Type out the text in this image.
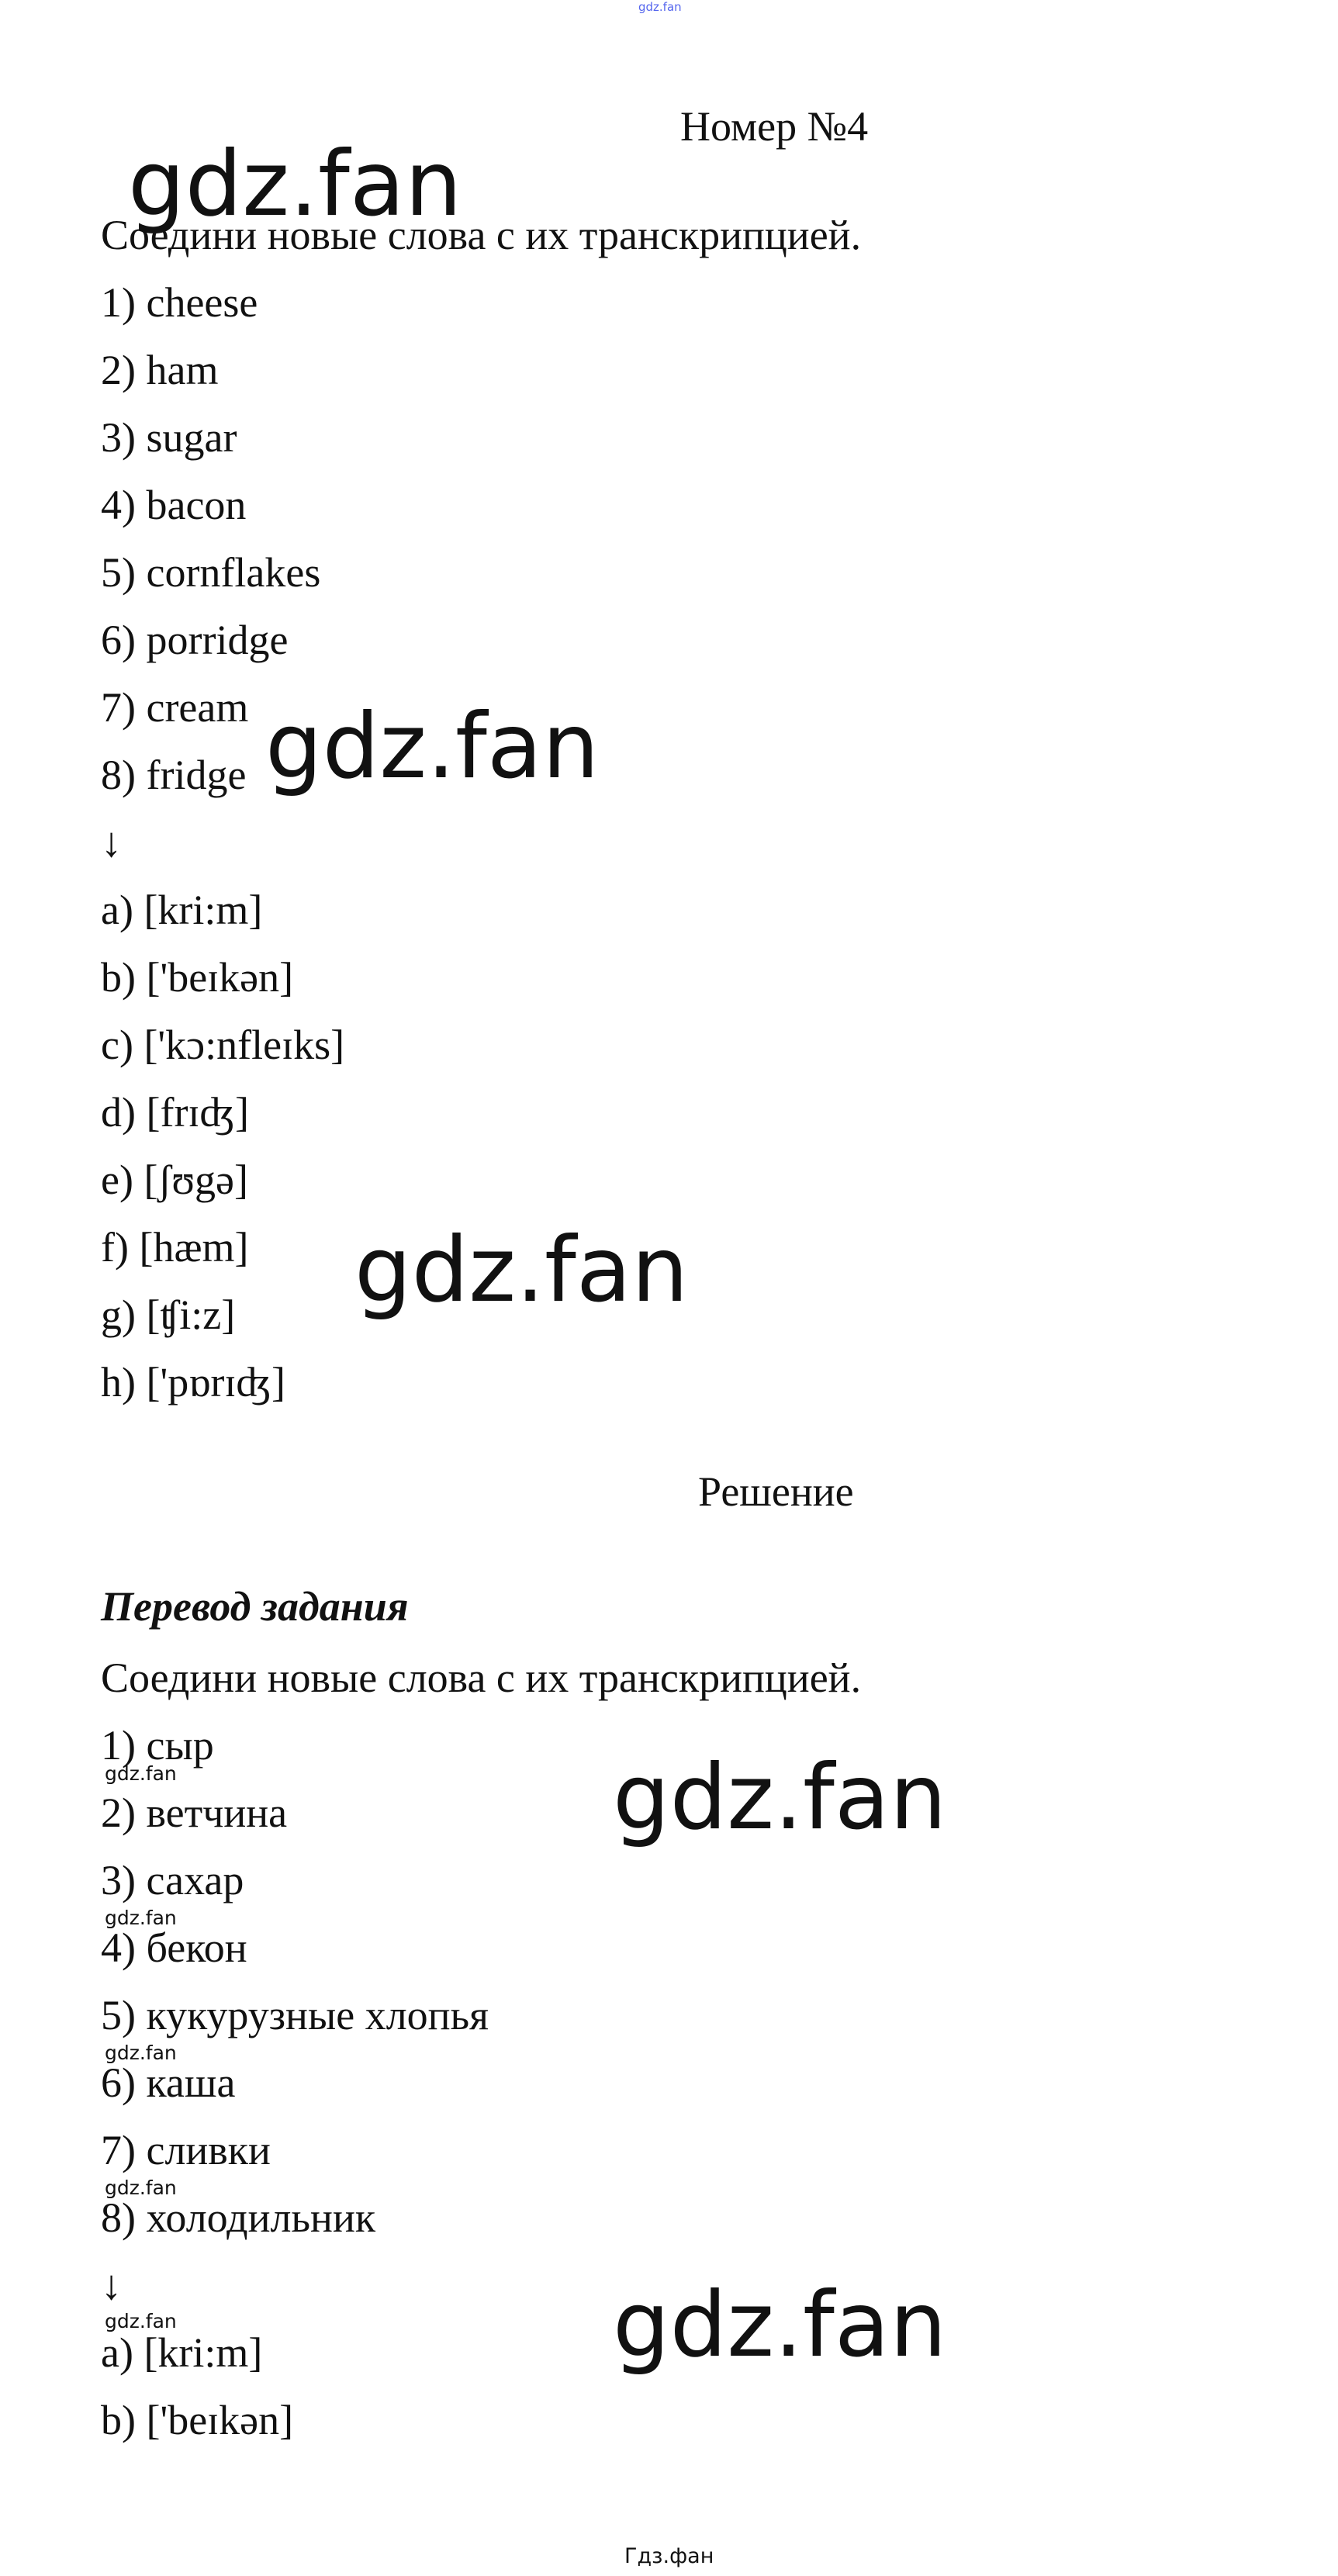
gdz.fan
Номер №4
Соедини новые слова с их транскрипцией.
1) cheese
2) ham
3) sugar
4) bacon
5) cornflakes
6) porridge
7) cream
8) fridge
↓
a) [kri:m]
b) ['beɪkən]
c) ['kɔ:nfleɪks]
d) [frɪʤ]
e) [ʃʊgə]
f) [hæm]
g) [ʧi:z]
h) ['pɒrɪʤ]
Решение
Перевод задания
Соедини новые слова с их транскрипцией.
1) сыр
2) ветчина
3) сахар
4) бекон
5) кукурузные хлопья
6) каша
7) сливки
8) холодильник
↓
a) [kri:m]
b) ['beɪkən]
gdz.fan
gdz.fan
gdz.fan
gdz.fan
gdz.fan
gdz.fan
gdz.fan
gdz.fan
gdz.fan
gdz.fan
Гдз.фан
